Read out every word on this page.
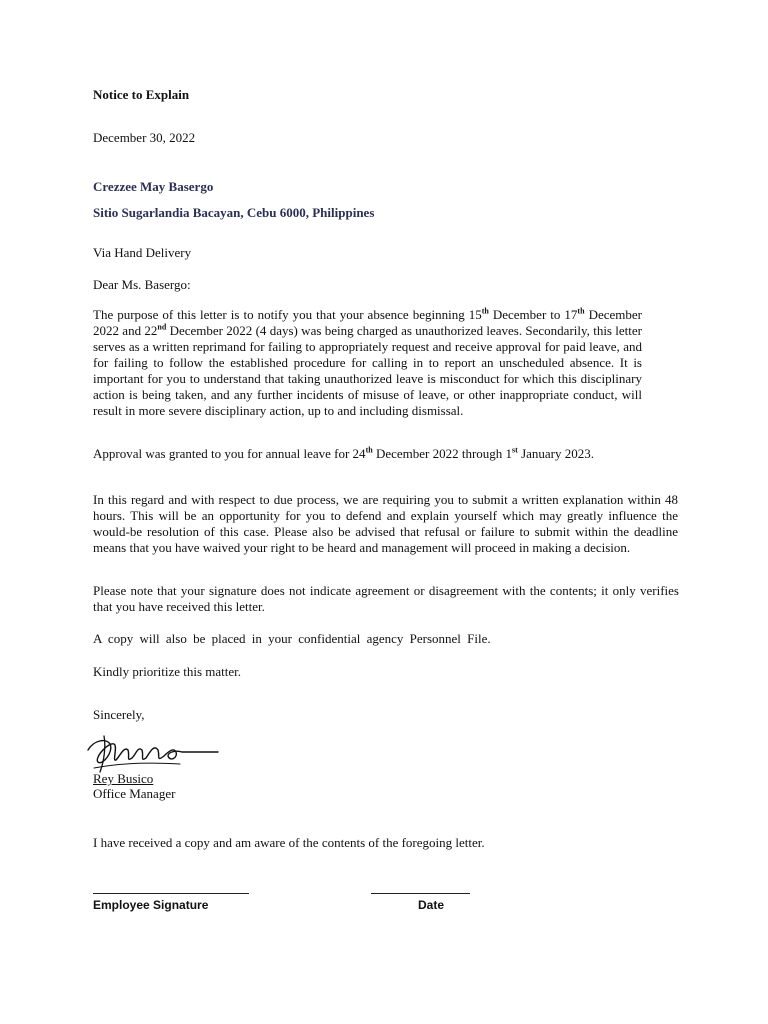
Notice to Explain
December 30, 2022
Crezzee May Basergo
Sitio Sugarlandia Bacayan, Cebu 6000, Philippines
Via Hand Delivery
Dear Ms. Basergo:
The purpose of this letter is to notify you that your absence beginning 15th December to 17th December 2022 and 22nd December 2022 (4 days) was being charged as unauthorized leaves. Secondarily, this letter serves as a written reprimand for failing to appropriately request and receive approval for paid leave, and for failing to follow the established procedure for calling in to report an unscheduled absence. It is important for you to understand that taking unauthorized leave is misconduct for which this disciplinary action is being taken, and any further incidents of misuse of leave, or other inappropriate conduct, will result in more severe disciplinary action, up to and including dismissal.
Approval was granted to you for annual leave for 24th December 2022 through 1st January 2023.
In this regard and with respect to due process, we are requiring you to submit a written explanation within 48 hours. This will be an opportunity for you to defend and explain yourself which may greatly influence the would-be resolution of this case. Please also be advised that refusal or failure to submit within the deadline means that you have waived your right to be heard and management will proceed in making a decision.
Please note that your signature does not indicate agreement or disagreement with the contents; it only verifies that you have received this letter.
A copy will also be placed in your confidential agency Personnel File.
Kindly prioritize this matter.
Sincerely,
Rey Busico
Office Manager
I have received a copy and am aware of the contents of the foregoing letter.
Employee Signature	Date
